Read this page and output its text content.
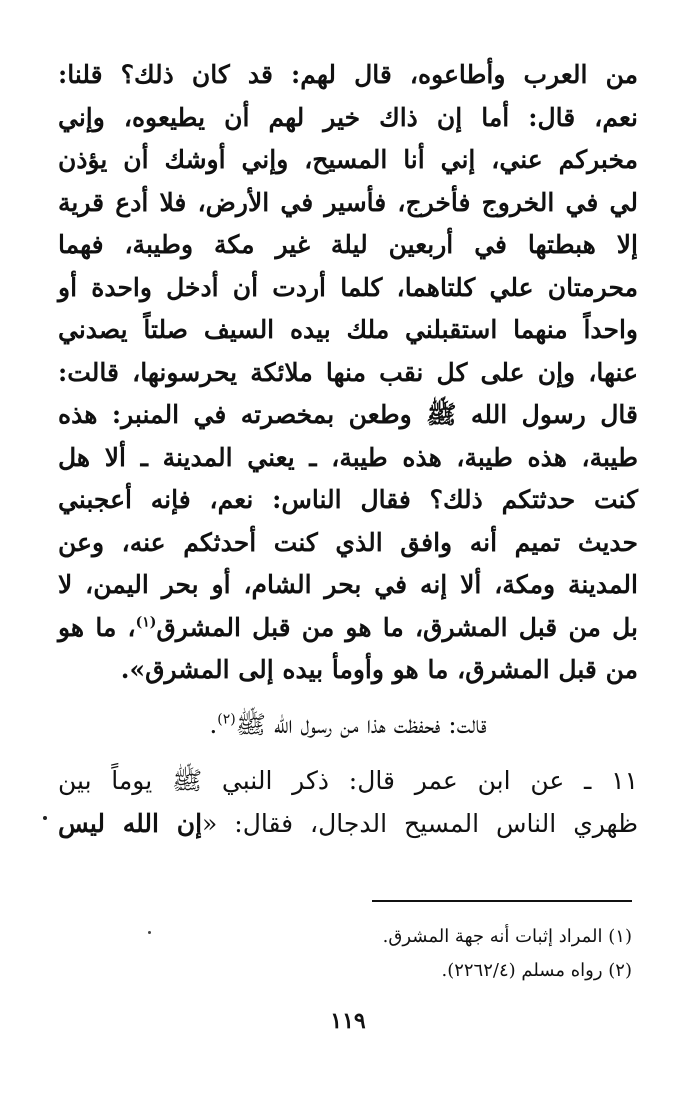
من العرب وأطاعوه، قال لهم: قد كان ذلك؟ قلنا:
نعم، قال: أما إن ذاك خير لهم أن يطيعوه، وإني
مخبركم عني، إني أنا المسيح، وإني أوشك أن يؤذن
لي في الخروج فأخرج، فأسير في الأرض، فلا أدع قرية
إلا هبطتها في أربعين ليلة غير مكة وطيبة، فهما
محرمتان علي كلتاهما، كلما أردت أن أدخل واحدة أو
واحداً منهما استقبلني ملك بيده السيف صلتاً يصدني
عنها، وإن على كل نقب منها ملائكة يحرسونها، قالت:
قال رسول الله ﷺ وطعن بمخصرته في المنبر: هذه
طيبة، هذه طيبة، هذه طيبة، ـ يعني المدينة ـ ألا هل
كنت حدثتكم ذلك؟ فقال الناس: نعم، فإنه أعجبني
حديث تميم أنه وافق الذي كنت أحدثكم عنه، وعن
المدينة ومكة، ألا إنه في بحر الشام، أو بحر اليمن، لا
بل من قبل المشرق، ما هو من قبل المشرق$^{(١)}$، ما هو
من قبل المشرق، ما هو وأومأ بيده إلى المشرق».
قالت: فحفظت هذا من رسول الله ﷺ$^{(٢)}$.
١١ ـ عن ابن عمر قال: ذكر النبي ﷺ يوماً بين
ظهري الناس المسيح الدجال، فقال: «إن الله ليس
(١) المراد إثبات أنه جهة المشرق.
(٢) رواه مسلم (٢٢٦٢/٤).
١١٩
